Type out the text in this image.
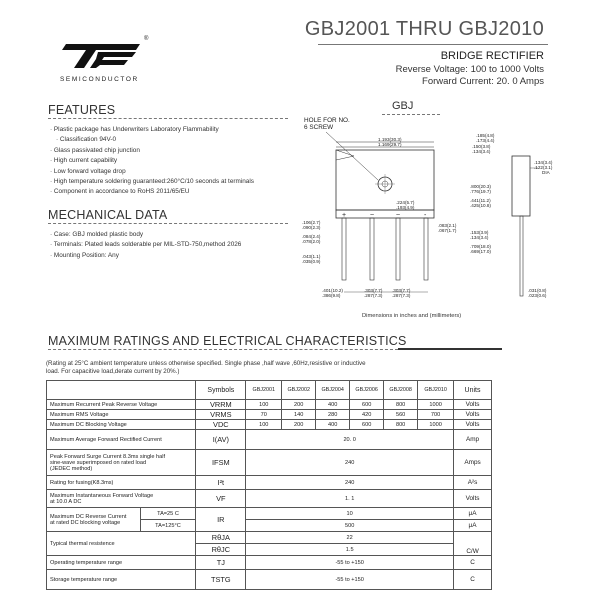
®
SEMICONDUCTOR
GBJ2001 THRU GBJ2010
BRIDGE RECTIFIER
Reverse Voltage: 100 to 1000 Volts
Forward Current: 20. 0 Amps
FEATURES
· Plastic package has Underwriters Laboratory Flammability
· Classification 94V-0
· Glass passivated chip junction
· High current capability
· Low forward voltage drop
· High temperature soldering guaranteed:260°C/10 seconds at terminals
· Component in accordance to RoHS 2011/65/EU
MECHANICAL DATA
· Case: GBJ molded plastic body
· Terminals: Plated leads solderable per MIL-STD-750,method 2026
· Mounting Position: Any
GBJ
HOLE FOR NO.
6 SCREW
1.193(30.3)
1.169(29.7)
+	~	~	-
.106(2.7)
.090(2.3)
.084(2.4)
.078(2.0)
.043(1.1)
.035(0.9)
.224(5.7)
.193(4.9)
.401(10.2)
.386(9.8)
.303(7.7)
.287(7.3)
.303(7.7)
.287(7.3)
.185(4.8)
.173(4.4)
.150(3.8)
.134(3.4)
.134(3.4)
.122(3.1)
DIA
.800(20.3)
.776(19.7)
.441(11.2)
.425(10.8)
.083(2.1)
.067(1.7)	.153(3.9)
.134(3.4)
.709(18.0)
.669(17.0)
.031(0.8)
.023(0.6)
Dimensions in inches and (millimeters)
MAXIMUM RATINGS AND ELECTRICAL CHARACTERISTICS
(Rating at 25°C ambient temperature unless otherwise specified. Single phase ,half wave ,60Hz,resistive or inductive
load. For capacitive load,derate current by 20%.)
		Symbols	GBJ2001	GBJ2002	GBJ2004	GBJ2006	GBJ2008	GBJ2010	Units
Maximum Recurrent Peak Reverse Voltage		VRRM	100	200	400	600	800	1000	Volts
Maximum RMS Voltage		VRMS	70	140	280	420	560	700	Volts
Maximum DC Blocking Voltage		VDC	100	200	400	600	800	1000	Volts
Maximum Average Forward Rectified Current		I(AV)	20. 0						Amp

Peak Forward Surge Current 8.3ms single half
sine-wave superimposed on rated load
(JEDEC method)		IFSM	240						Amps
Rating for fusing(K8.3ms)		I²t	240						A²s

Maximum Instantaneous Forward Voltage
at 10.0 A DC		VF	1. 1						Volts

Maximum DC Reverse Current
at rated DC blocking voltage	TA=25 C	IR	10						μA
	TA=125°C		500						μA
Typical thermal resistence		RθJA	22						C/W
		RθJC	1.5						
Operating temperature range		TJ	-55 to +150						C
Storage temperature range		TSTG	-55 to +150						C
